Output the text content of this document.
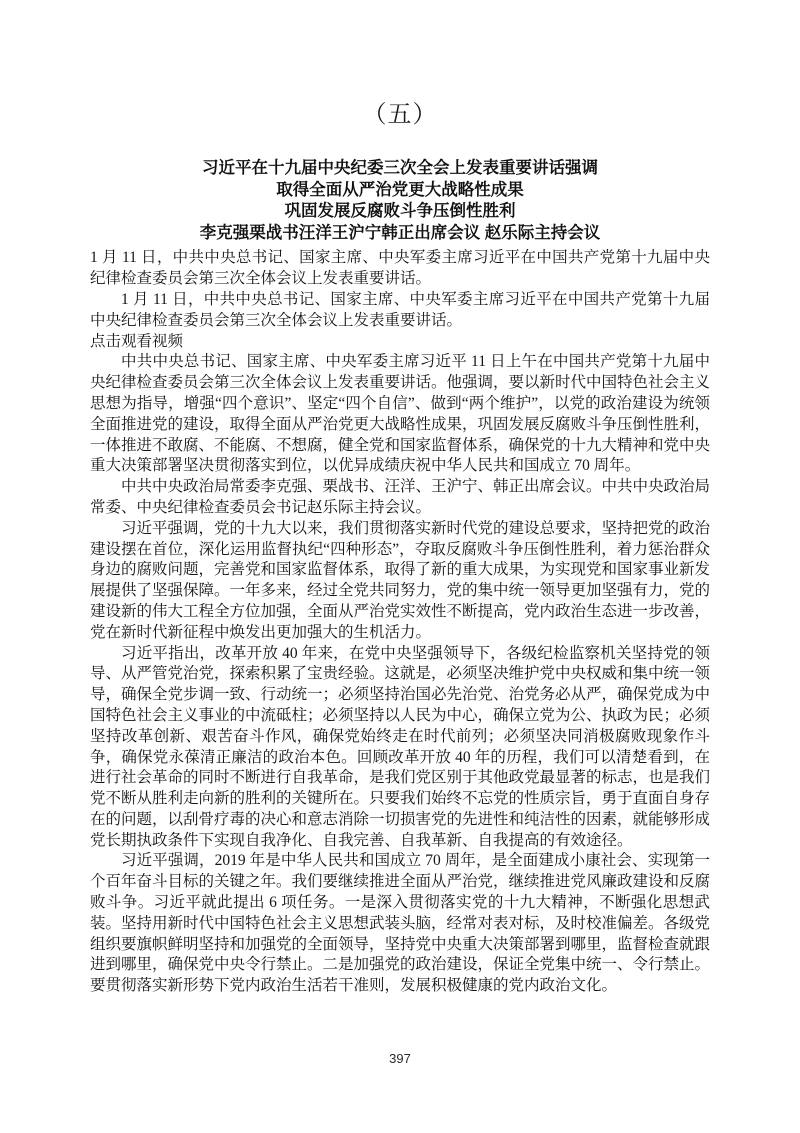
（五）
习近平在十九届中央纪委三次全会上发表重要讲话强调
取得全面从严治党更大战略性成果
巩固发展反腐败斗争压倒性胜利
李克强栗战书汪洋王沪宁韩正出席会议 赵乐际主持会议

1 月 11 日，中共中央总书记、国家主席、中央军委主席习近平在中国共产党第十九届中央纪律检查委员会第三次全体会议上发表重要讲话。

1 月 11 日，中共中央总书记、国家主席、中央军委主席习近平在中国共产党第十九届中央纪律检查委员会第三次全体会议上发表重要讲话。

点击观看视频

中共中央总书记、国家主席、中央军委主席习近平 11 日上午在中国共产党第十九届中央纪律检查委员会第三次全体会议上发表重要讲话。他强调，要以新时代中国特色社会主义思想为指导，增强“四个意识”、坚定“四个自信”、做到“两个维护”，以党的政治建设为统领全面推进党的建设，取得全面从严治党更大战略性成果，巩固发展反腐败斗争压倒性胜利，一体推进不敢腐、不能腐、不想腐，健全党和国家监督体系，确保党的十九大精神和党中央重大决策部署坚决贯彻落实到位，以优异成绩庆祝中华人民共和国成立 70 周年。

中共中央政治局常委李克强、栗战书、汪洋、王沪宁、韩正出席会议。中共中央政治局常委、中央纪律检查委员会书记赵乐际主持会议。

习近平强调，党的十九大以来，我们贯彻落实新时代党的建设总要求，坚持把党的政治建设摆在首位，深化运用监督执纪“四种形态”，夺取反腐败斗争压倒性胜利，着力惩治群众身边的腐败问题，完善党和国家监督体系，取得了新的重大成果，为实现党和国家事业新发展提供了坚强保障。一年多来，经过全党共同努力，党的集中统一领导更加坚强有力，党的建设新的伟大工程全方位加强，全面从严治党实效性不断提高，党内政治生态进一步改善，党在新时代新征程中焕发出更加强大的生机活力。

习近平指出，改革开放 40 年来，在党中央坚强领导下，各级纪检监察机关坚持党的领导、从严管党治党，探索积累了宝贵经验。这就是，必须坚决维护党中央权威和集中统一领导，确保全党步调一致、行动统一；必须坚持治国必先治党、治党务必从严，确保党成为中国特色社会主义事业的中流砥柱；必须坚持以人民为中心，确保立党为公、执政为民；必须坚持改革创新、艰苦奋斗作风，确保党始终走在时代前列；必须坚决同消极腐败现象作斗争，确保党永葆清正廉洁的政治本色。回顾改革开放 40 年的历程，我们可以清楚看到，在进行社会革命的同时不断进行自我革命，是我们党区别于其他政党最显著的标志，也是我们党不断从胜利走向新的胜利的关键所在。只要我们始终不忘党的性质宗旨，勇于直面自身存在的问题，以刮骨疗毒的决心和意志消除一切损害党的先进性和纯洁性的因素，就能够形成党长期执政条件下实现自我净化、自我完善、自我革新、自我提高的有效途径。

习近平强调，2019 年是中华人民共和国成立 70 周年，是全面建成小康社会、实现第一个百年奋斗目标的关键之年。我们要继续推进全面从严治党，继续推进党风廉政建设和反腐败斗争。习近平就此提出 6 项任务。一是深入贯彻落实党的十九大精神，不断强化思想武装。坚持用新时代中国特色社会主义思想武装头脑，经常对表对标，及时校准偏差。各级党组织要旗帜鲜明坚持和加强党的全面领导，坚持党中央重大决策部署到哪里，监督检查就跟进到哪里，确保党中央令行禁止。二是加强党的政治建设，保证全党集中统一、令行禁止。要贯彻落实新形势下党内政治生活若干准则，发展积极健康的党内政治文化。

397
